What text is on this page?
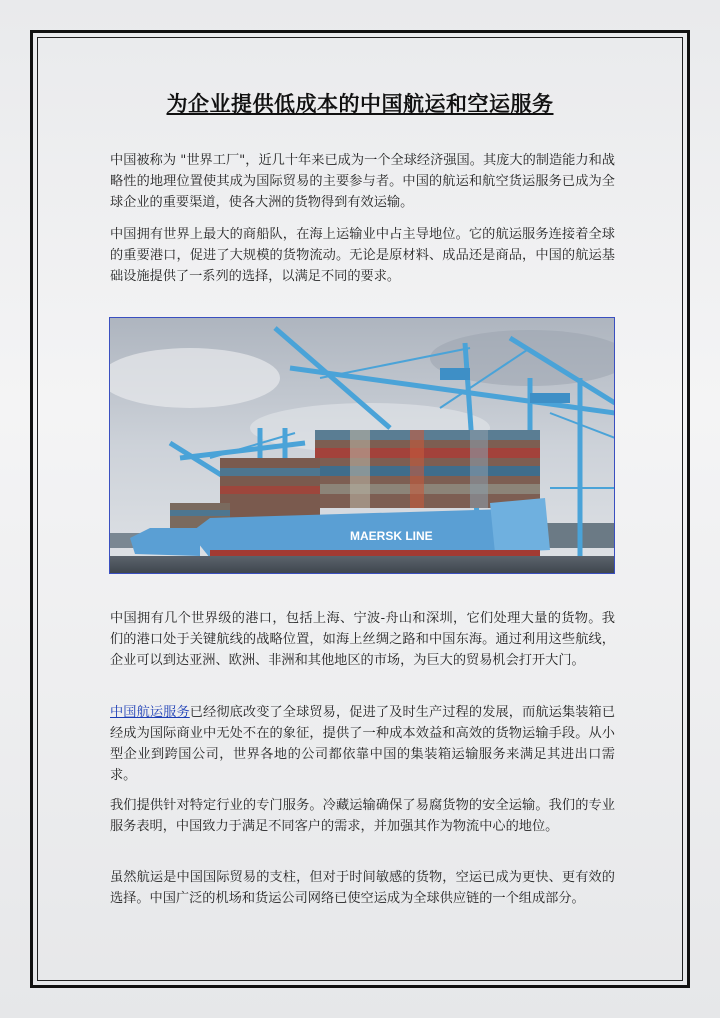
为企业提供低成本的中国航运和空运服务

中国被称为 "世界工厂"，近几十年来已成为一个全球经济强国。其庞大的制造能力和战略性的地理位置使其成为国际贸易的主要参与者。中国的航运和航空货运服务已成为全球企业的重要渠道，使各大洲的货物得到有效运输。

中国拥有世界上最大的商船队，在海上运输业中占主导地位。它的航运服务连接着全球的重要港口，促进了大规模的货物流动。无论是原材料、成品还是商品，中国的航运基础设施提供了一系列的选择，以满足不同的要求。

MAERSK LINE

中国拥有几个世界级的港口，包括上海、宁波-舟山和深圳，它们处理大量的货物。我们的港口处于关键航线的战略位置，如海上丝绸之路和中国东海。通过利用这些航线，企业可以到达亚洲、欧洲、非洲和其他地区的市场，为巨大的贸易机会打开大门。

中国航运服务已经彻底改变了全球贸易，促进了及时生产过程的发展，而航运集装箱已经成为国际商业中无处不在的象征，提供了一种成本效益和高效的货物运输手段。从小型企业到跨国公司，世界各地的公司都依靠中国的集装箱运输服务来满足其进出口需求。

我们提供针对特定行业的专门服务。冷藏运输确保了易腐货物的安全运输。我们的专业服务表明，中国致力于满足不同客户的需求，并加强其作为物流中心的地位。

虽然航运是中国国际贸易的支柱，但对于时间敏感的货物，空运已成为更快、更有效的选择。中国广泛的机场和货运公司网络已使空运成为全球供应链的一个组成部分。
